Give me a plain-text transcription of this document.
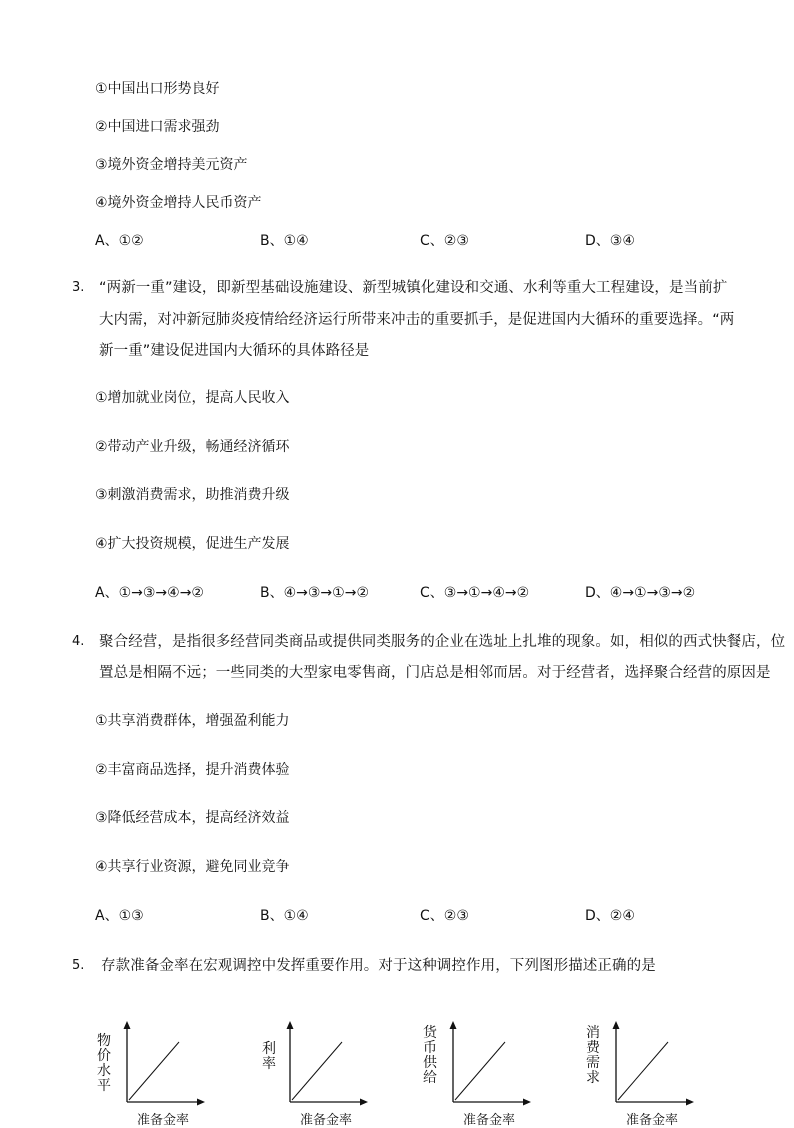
①中国出口形势良好
②中国进口需求强劲
③境外资金增持美元资产
④境外资金增持人民币资产
A、①②	B、①④	C、②③	D、③④
3. “两新一重”建设，即新型基础设施建设、新型城镇化建设和交通、水利等重大工程建设，是当前扩
大内需，对冲新冠肺炎疫情给经济运行所带来冲击的重要抓手，是促进国内大循环的重要选择。“两
新一重”建设促进国内大循环的具体路径是
①增加就业岗位，提高人民收入
②带动产业升级，畅通经济循环
③刺激消费需求，助推消费升级
④扩大投资规模，促进生产发展
A、①→③→④→②	B、④→③→①→②	C、③→①→④→②	D、④→①→③→②
4. 聚合经营，是指很多经营同类商品或提供同类服务的企业在选址上扎堆的现象。如，相似的西式快餐店，位
置总是相隔不远；一些同类的大型家电零售商，门店总是相邻而居。对于经营者，选择聚合经营的原因是
①共享消费群体，增强盈利能力
②丰富商品选择，提升消费体验
③降低经营成本，提高经济效益
④共享行业资源，避免同业竞争
A、①③	B、①④	C、②③	D、②④
5. 存款准备金率在宏观调控中发挥重要作用。对于这种调控作用，下列图形描述正确的是
物价水平
准备金率
利率
准备金率
货币供给
准备金率
消费需求
准备金率
